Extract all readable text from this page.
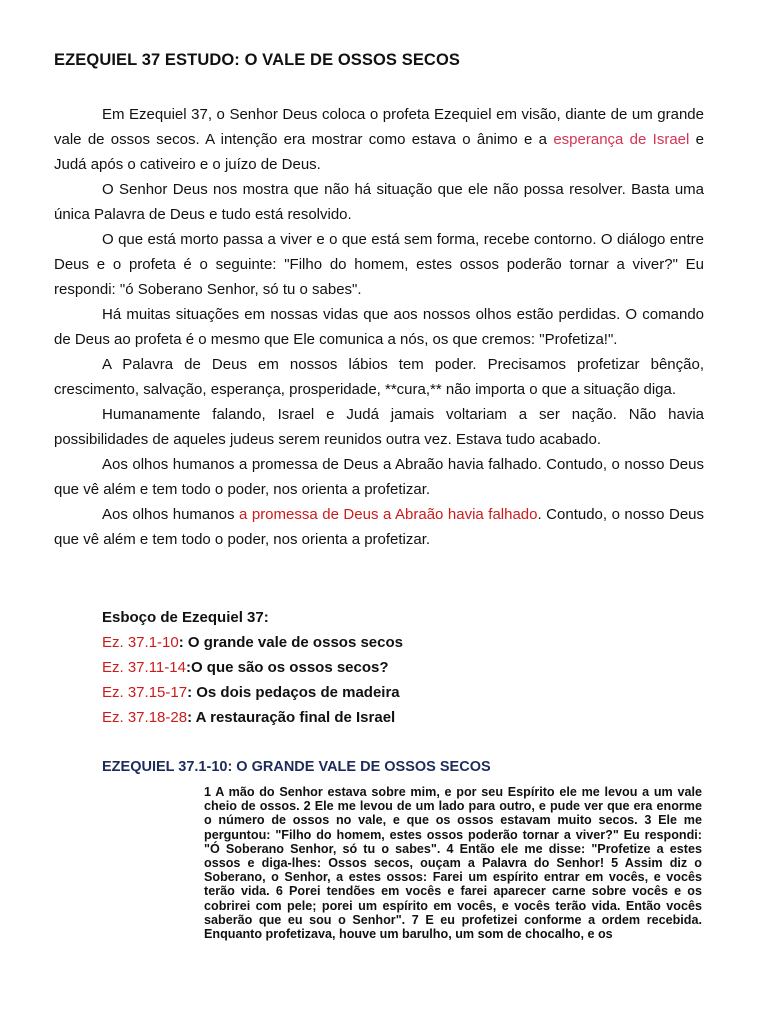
EZEQUIEL 37 ESTUDO: O VALE DE OSSOS SECOS

Em Ezequiel 37, o Senhor Deus coloca o profeta Ezequiel em visão, diante de um grande vale de ossos secos. A intenção era mostrar como estava o ânimo e a esperança de Israel e Judá após o cativeiro e o juízo de Deus.

O Senhor Deus nos mostra que não há situação que ele não possa resolver. Basta uma única Palavra de Deus e tudo está resolvido.

O que está morto passa a viver e o que está sem forma, recebe contorno. O diálogo entre Deus e o profeta é o seguinte: "Filho do homem, estes ossos poderão tornar a viver?" Eu respondi: "ó Soberano Senhor, só tu o sabes".

Há muitas situações em nossas vidas que aos nossos olhos estão perdidas. O comando de Deus ao profeta é o mesmo que Ele comunica a nós, os que cremos: "Profetiza!".

A Palavra de Deus em nossos lábios tem poder. Precisamos profetizar bênção, crescimento, salvação, esperança, prosperidade, **cura,** não importa o que a situação diga.

Humanamente falando, Israel e Judá jamais voltariam a ser nação. Não havia possibilidades de aqueles judeus serem reunidos outra vez. Estava tudo acabado.

Aos olhos humanos a promessa de Deus a Abraão havia falhado. Contudo, o nosso Deus que vê além e tem todo o poder, nos orienta a profetizar.

Aos olhos humanos a promessa de Deus a Abraão havia falhado. Contudo, o nosso Deus que vê além e tem todo o poder, nos orienta a profetizar.

Esboço de Ezequiel 37:

Ez. 37.1-10: O grande vale de ossos secos
Ez. 37.11-14:O que são os ossos secos?
Ez. 37.15-17: Os dois pedaços de madeira
Ez. 37.18-28: A restauração final de Israel
EZEQUIEL 37.1-10: O GRANDE VALE DE OSSOS SECOS

1 A mão do Senhor estava sobre mim, e por seu Espírito ele me levou a um vale cheio de ossos. 2 Ele me levou de um lado para outro, e pude ver que era enorme o número de ossos no vale, e que os ossos estavam muito secos. 3 Ele me perguntou: "Filho do homem, estes ossos poderão tornar a viver?" Eu respondi: "Ó Soberano Senhor, só tu o sabes". 4 Então ele me disse: "Profetize a estes ossos e diga-lhes: Ossos secos, ouçam a Palavra do Senhor! 5 Assim diz o Soberano, o Senhor, a estes ossos: Farei um espírito entrar em vocês, e vocês terão vida. 6 Porei tendões em vocês e farei aparecer carne sobre vocês e os cobrirei com pele; porei um espírito em vocês, e vocês terão vida. Então vocês saberão que eu sou o Senhor". 7 E eu profetizei conforme a ordem recebida. Enquanto profetizava, houve um barulho, um som de chocalho, e os
